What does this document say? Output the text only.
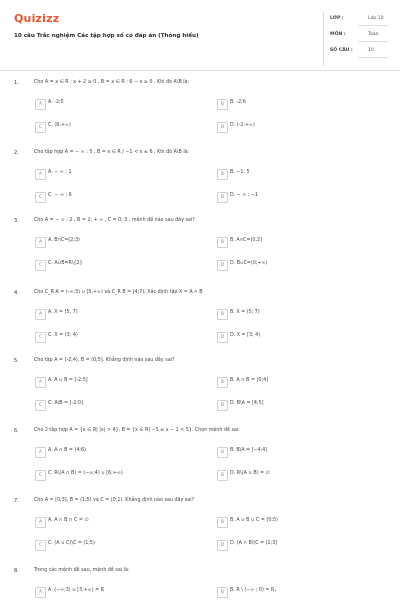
Quizizz
10 câu Trắc nghiệm Các tập hợp số có đáp án (Thông hiểu)
LỚP :	Lớp 10
MÔN :	Toán
SỐ CÂU :	10
1.	Cho A = x ∈ R : x + 2 ≥ 0 , B = x ∈ R : 6 − x ≥ 0 . Khi đó A\B là:
A	A. -2;5	B	B. -2;6
C	C. (6;+∞)	D	D. (-2;+∞)
2.	Cho tập hợp A = − ∞ ; 5 , B = x ∈ R / −1 < x ≤ 6 . Khi đó A\B là:
A	A. − ∞ ; 1	B	B. −1; 5
C	C. − ∞ ; 6	D	D. − ∞ ; −1
3.	Cho A = − ∞ ; 2 , B = 2; + ∞ , C = 0; 3 . mệnh đề nào sau đây sai?
A	A. B∩C=[2;3)	B	B. A∩C=(0;2]
C	C. A∪B=R\{2}	D	D. B∪C=(0;+∞)
4.	Cho C_R A = (-∞;3) ∪ [5;+∞) và C_R B = [4;7). Xác định tập X = A ∩ B
A	A. X = [5; 7)	B	B. X = (5; 7)
C	C. X = (3; 4)	D	D. X = [3; 4)
5.	Cho tập A = [-2;4), B = (0;5]. Khẳng định nào sau đây sai?
A	A. A ∪ B = [-2;5]	B	B. A ∩ B = (0;4]
C	C. A\B = [-2;0]	D	D. B\A = [4;5]
6.	Cho 2 tập hợp A = {x ∈ R| |x| > 4}, B = {x ∈ R| −5 ≤ x − 1 < 5}. Chọn mệnh đề sai:
A	A. A ∩ B = (4;6)	B	B. B\A = [−4;4]
C	C. R\(A ∩ B) = (−∞;4) ∪ [6;+∞)	D	D. R\(A ∪ B) = ∅
7.	Cho A = [0;3], B = (1;5) và C = (0;1). Khẳng định nào sau đây sai?
A	A. A ∩ B ∩ C = ∅	B	B. A ∪ B ∪ C = [0;5)
C	C. (A ∪ C)\C = (1;5)	D	D. (A ∩ B)\C = (1;3]
8.	Trong các mệnh đề sau, mệnh đề sai là:
A	A. (−∞;3) ∪ [3;+∞) = R	B	B. R \ (−∞ ; 0) = R₊
